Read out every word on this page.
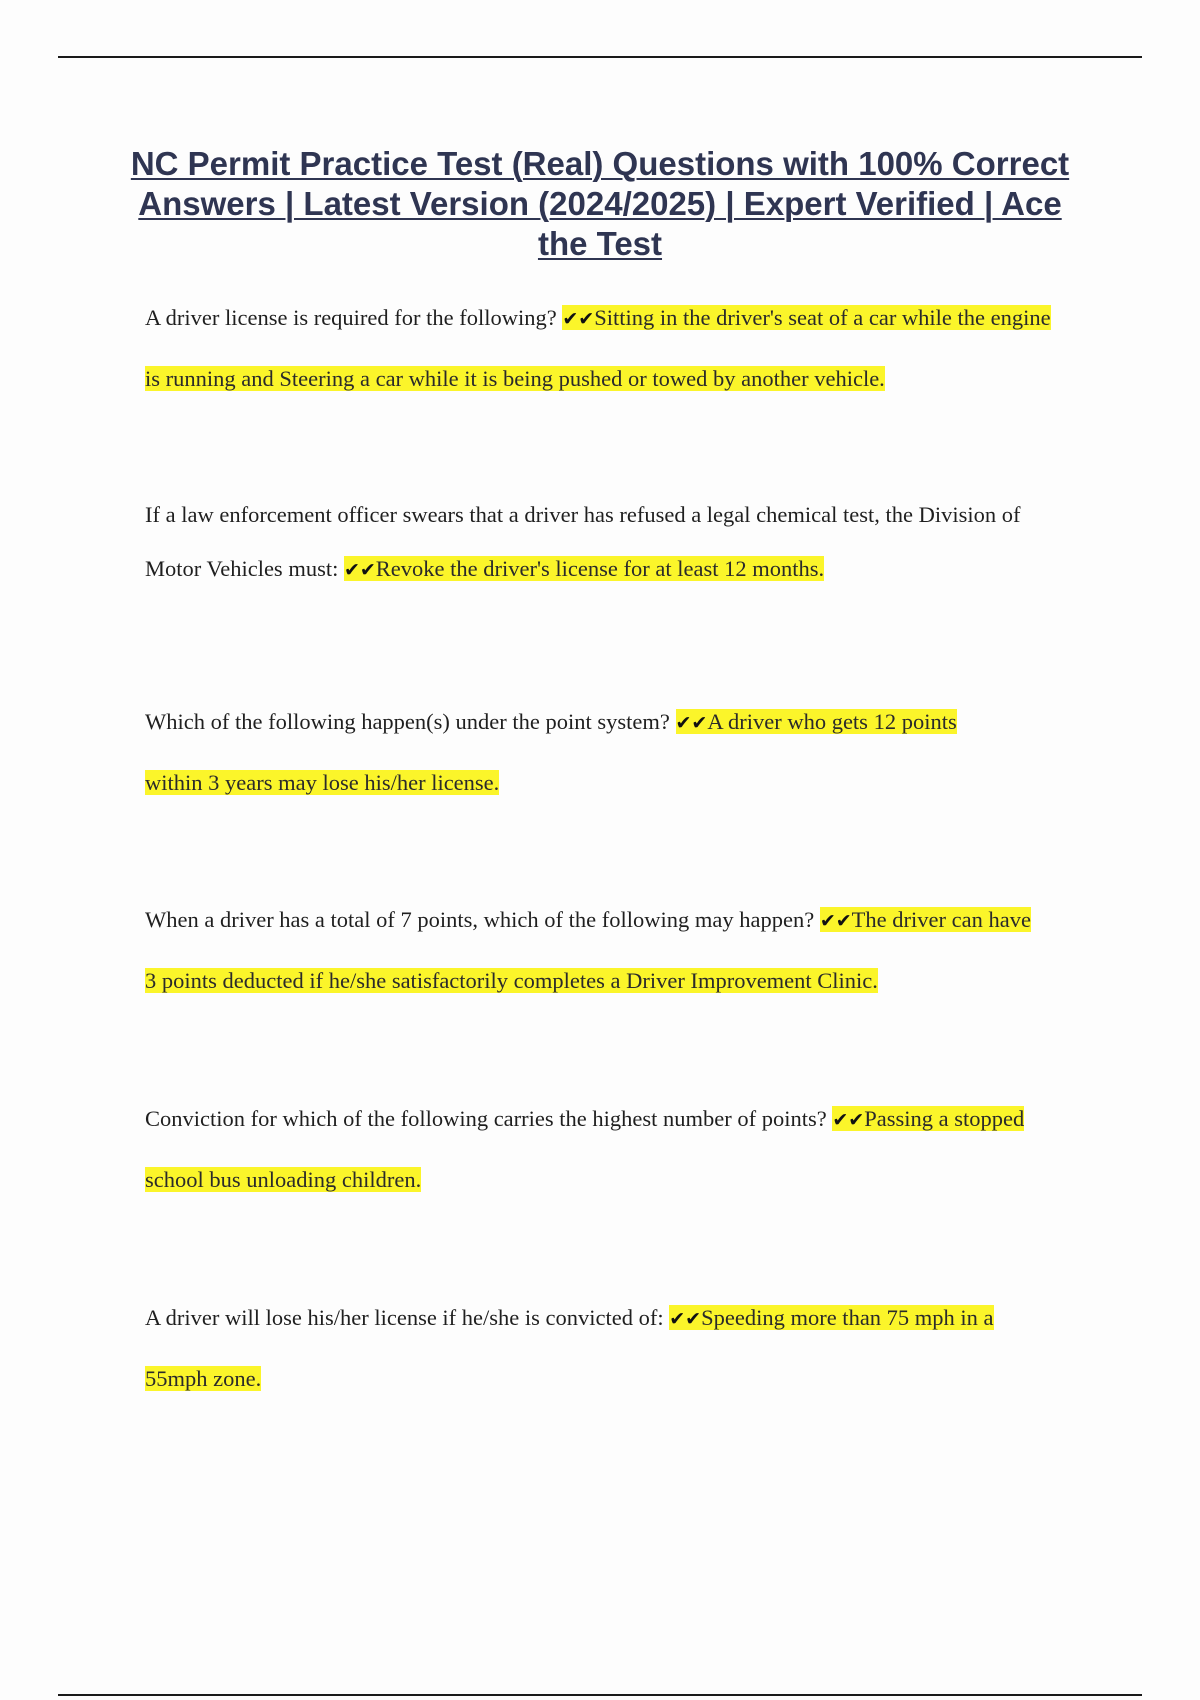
NC Permit Practice Test (Real) Questions with 100% Correct Answers | Latest Version (2024/2025) | Expert Verified | Ace the Test

A driver license is required for the following? ✔✔Sitting in the driver's seat of a car while the engine is running and Steering a car while it is being pushed or towed by another vehicle.

If a law enforcement officer swears that a driver has refused a legal chemical test, the Division of Motor Vehicles must: ✔✔Revoke the driver's license for at least 12 months.

Which of the following happen(s) under the point system? ✔✔A driver who gets 12 points within 3 years may lose his/her license.

When a driver has a total of 7 points, which of the following may happen? ✔✔The driver can have 3 points deducted if he/she satisfactorily completes a Driver Improvement Clinic.

Conviction for which of the following carries the highest number of points? ✔✔Passing a stopped school bus unloading children.

A driver will lose his/her license if he/she is convicted of: ✔✔Speeding more than 75 mph in a 55mph zone.
